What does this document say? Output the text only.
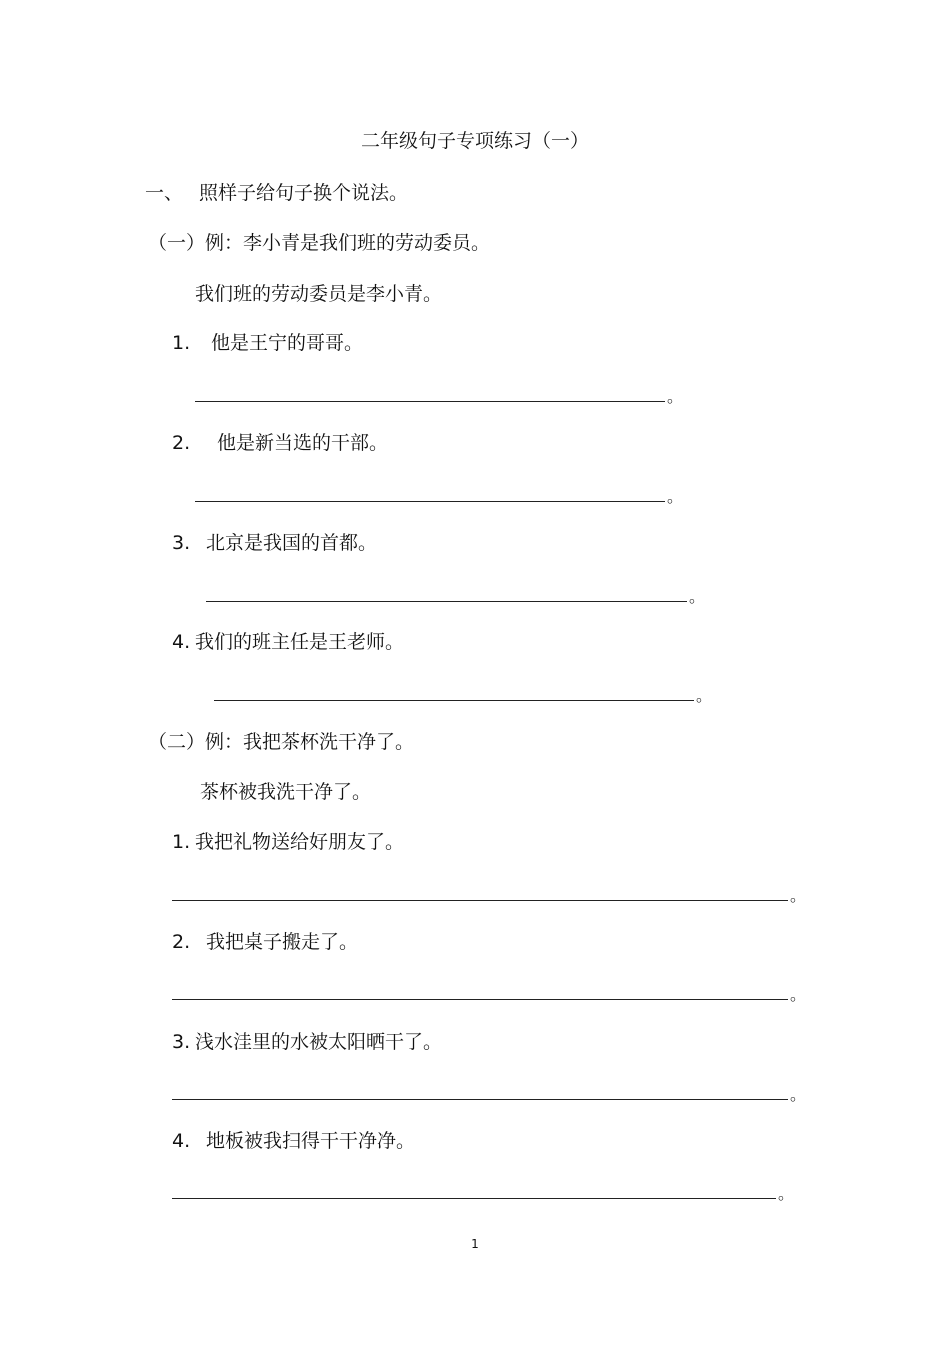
二年级句子专项练习（一）
一、 照样子给句子换个说法。
（一）例：李小青是我们班的劳动委员。
我们班的劳动委员是李小青。
1. 他是王宁的哥哥。
。
2. 他是新当选的干部。
。
3. 北京是我国的首都。
。
4. 我们的班主任是王老师。
。
（二）例：我把茶杯洗干净了。
茶杯被我洗干净了。
1. 我把礼物送给好朋友了。
。
2. 我把桌子搬走了。
。
3. 浅水洼里的水被太阳晒干了。
。
4. 地板被我扫得干干净净。
。
1
